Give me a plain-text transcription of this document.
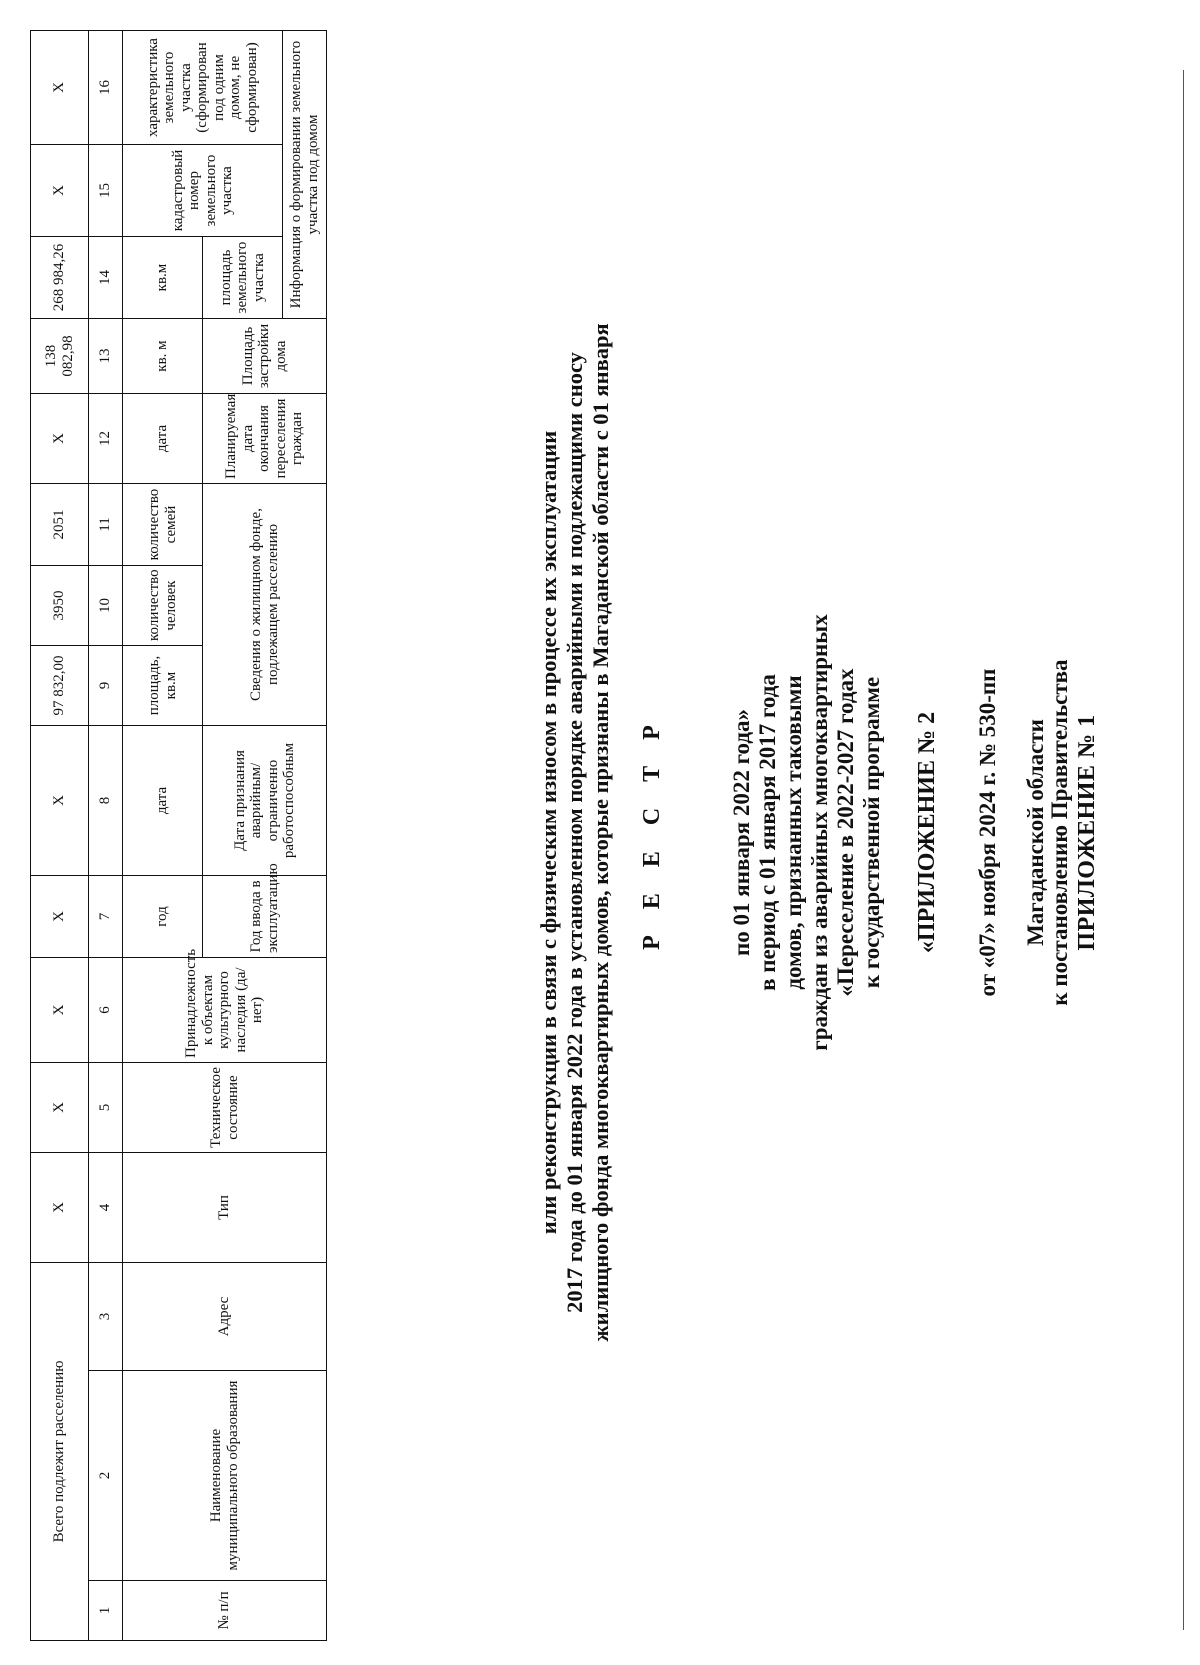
ПРИЛОЖЕНИЕ № 1
к постановлению Правительства
Магаданской области
от «07» ноября 2024 г. № 530-пп
«ПРИЛОЖЕНИЕ № 2
к государственной программе
«Переселение в 2022-2027 годах
граждан из аварийных многоквартирных
домов, признанных таковыми
в период с 01 января 2017 года
по 01 января 2022 года»
Р Е Е С Т Р
жилищного фонда многоквартирных домов, которые признаны в Магаданской области с 01 января
2017 года до 01 января 2022 года в установленном порядке аварийными и подлежащими сносу
или реконструкции в связи с физическим износом в процессе их эксплуатации
Всего подлежит расселению			Х	Х	Х	Х	Х	97 832,00	3950	2051	Х	138 082,98	268 984,26	Х	Х
1	2	3	4	5	6	7	8	9	10	11	12	13	14	15	16
№ п/п	Наименование муниципального образования	Адрес	Тип	Техническое состояние	Принадлежность к объектам культурного наследия (да/нет)	год	дата	площадь, кв.м	количество человек	количество семей	дата	кв. м	кв.м	кадастровый номер земельного участка	характеристика земельного участка (сформирован под одним домом, не сформирован)
						Год ввода в эксплуатацию	Дата признания аварийным/ ограниченно работоспособным	Сведения о жилищном фонде, подлежащем расселению			Планируемая дата окончания переселения граждан	Площадь застройки дома	площадь земельного участка		
													Информация о формировании земельного участка под домом		
